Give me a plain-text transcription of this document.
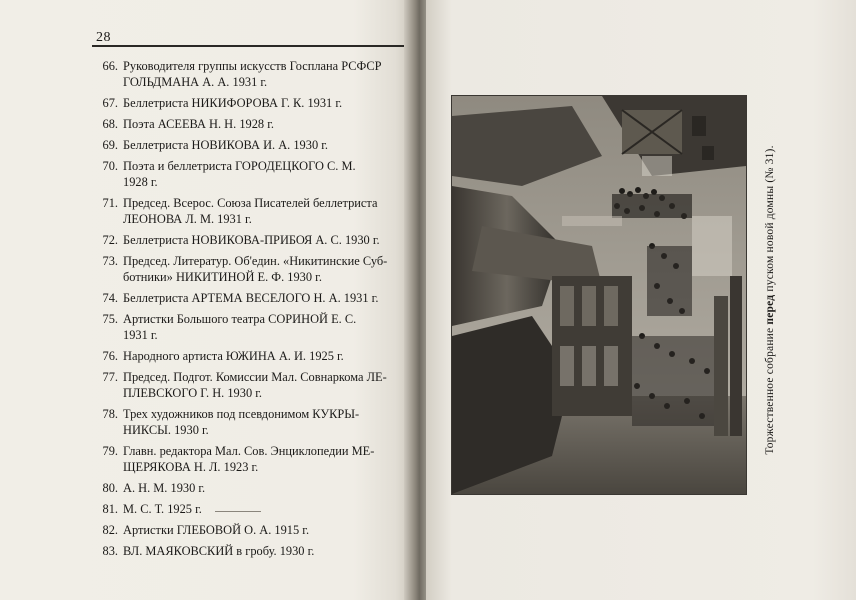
28
66. Руководителя группы искусств Госплана РСФСР
ГОЛЬДМАНА А. А. 1931 г.
67. Беллетриста НИКИФОРОВА Г. К. 1931 г.
68. Поэта АСЕЕВА Н. Н. 1928 г.
69. Беллетриста НОВИКОВА И. А. 1930 г.
70. Поэта и беллетриста ГОРОДЕЦКОГО С. М.
1928 г.
71. Председ. Всерос. Союза Писателей беллетриста
ЛЕОНОВА Л. М. 1931 г.
72. Беллетриста НОВИКОВА-ПРИБОЯ А. С. 1930 г.
73. Председ. Литератур. Об'един. «Никитинские Суб-
ботники» НИКИТИНОЙ Е. Ф. 1930 г.
74. Беллетриста АРТЕМА ВЕСЕЛОГО Н. А. 1931 г.
75. Артистки Большого театра СОРИНОЙ Е. С.
1931 г.
76. Народного артиста ЮЖИНА А. И. 1925 г.
77. Председ. Подгот. Комиссии Мал. Совнаркома ЛЕ-
ПЛЕВСКОГО Г. Н. 1930 г.
78. Трех художников под псевдонимом КУКРЫ-
НИКСЫ. 1930 г.
79. Главн. редактора Мал. Сов. Энциклопедии МЕ-
ЩЕРЯКОВА Н. Л. 1923 г.
80. А. Н. М. 1930 г.
81. М. С. Т. 1925 г.
82. Артистки ГЛЕБОВОЙ О. А. 1915 г.
83. ВЛ. МАЯКОВСКИЙ в гробу. 1930 г.
Торжественное собрание перед пуском новой домны (№ 31).
